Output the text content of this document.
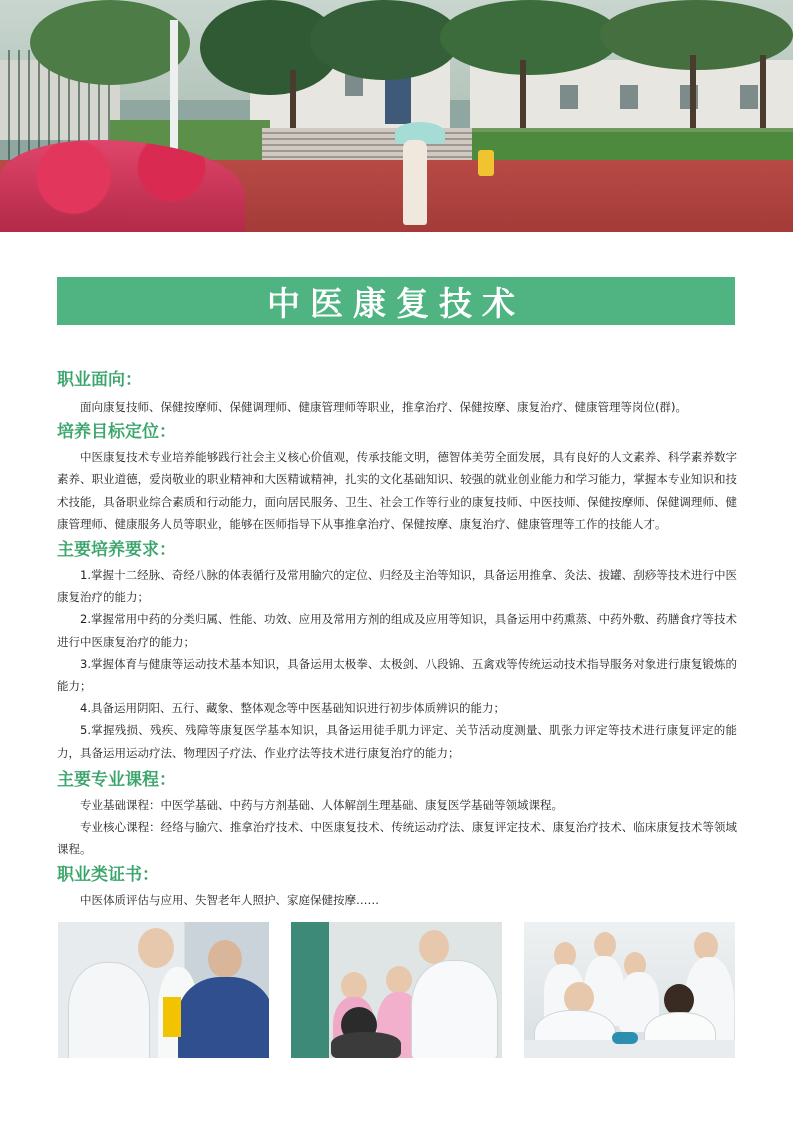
中医康复技术
职业面向：

面向康复技师、保健按摩师、保健调理师、健康管理师等职业，推拿治疗、保健按摩、康复治疗、健康管理等岗位(群)。

培养目标定位：

中医康复技术专业培养能够践行社会主义核心价值观，传承技能文明，德智体美劳全面发展，具有良好的人文素养、科学素养数字素养、职业道德，爱岗敬业的职业精神和大医精诚精神，扎实的文化基础知识、较强的就业创业能力和学习能力，掌握本专业知识和技术技能，具备职业综合素质和行动能力，面向居民服务、卫生、社会工作等行业的康复技师、中医技师、保健按摩师、保健调理师、健康管理师、健康服务人员等职业，能够在医师指导下从事推拿治疗、保健按摩、康复治疗、健康管理等工作的技能人才。

主要培养要求：

1.掌握十二经脉、奇经八脉的体表循行及常用腧穴的定位、归经及主治等知识，具备运用推拿、灸法、拔罐、刮痧等技术进行中医康复治疗的能力；

2.掌握常用中药的分类归属、性能、功效、应用及常用方剂的组成及应用等知识，具备运用中药熏蒸、中药外敷、药膳食疗等技术进行中医康复治疗的能力；

3.掌握体育与健康等运动技术基本知识，具备运用太极拳、太极剑、八段锦、五禽戏等传统运动技术指导服务对象进行康复锻炼的能力；

4.具备运用阴阳、五行、藏象、整体观念等中医基础知识进行初步体质辨识的能力；

5.掌握残损、残疾、残障等康复医学基本知识，具备运用徒手肌力评定、关节活动度测量、肌张力评定等技术进行康复评定的能力，具备运用运动疗法、物理因子疗法、作业疗法等技术进行康复治疗的能力；

主要专业课程：

专业基础课程：中医学基础、中药与方剂基础、人体解剖生理基础、康复医学基础等领域课程。

专业核心课程：经络与腧穴、推拿治疗技术、中医康复技术、传统运动疗法、康复评定技术、康复治疗技术、临床康复技术等领域课程。

职业类证书：

中医体质评估与应用、失智老年人照护、家庭保健按摩……
